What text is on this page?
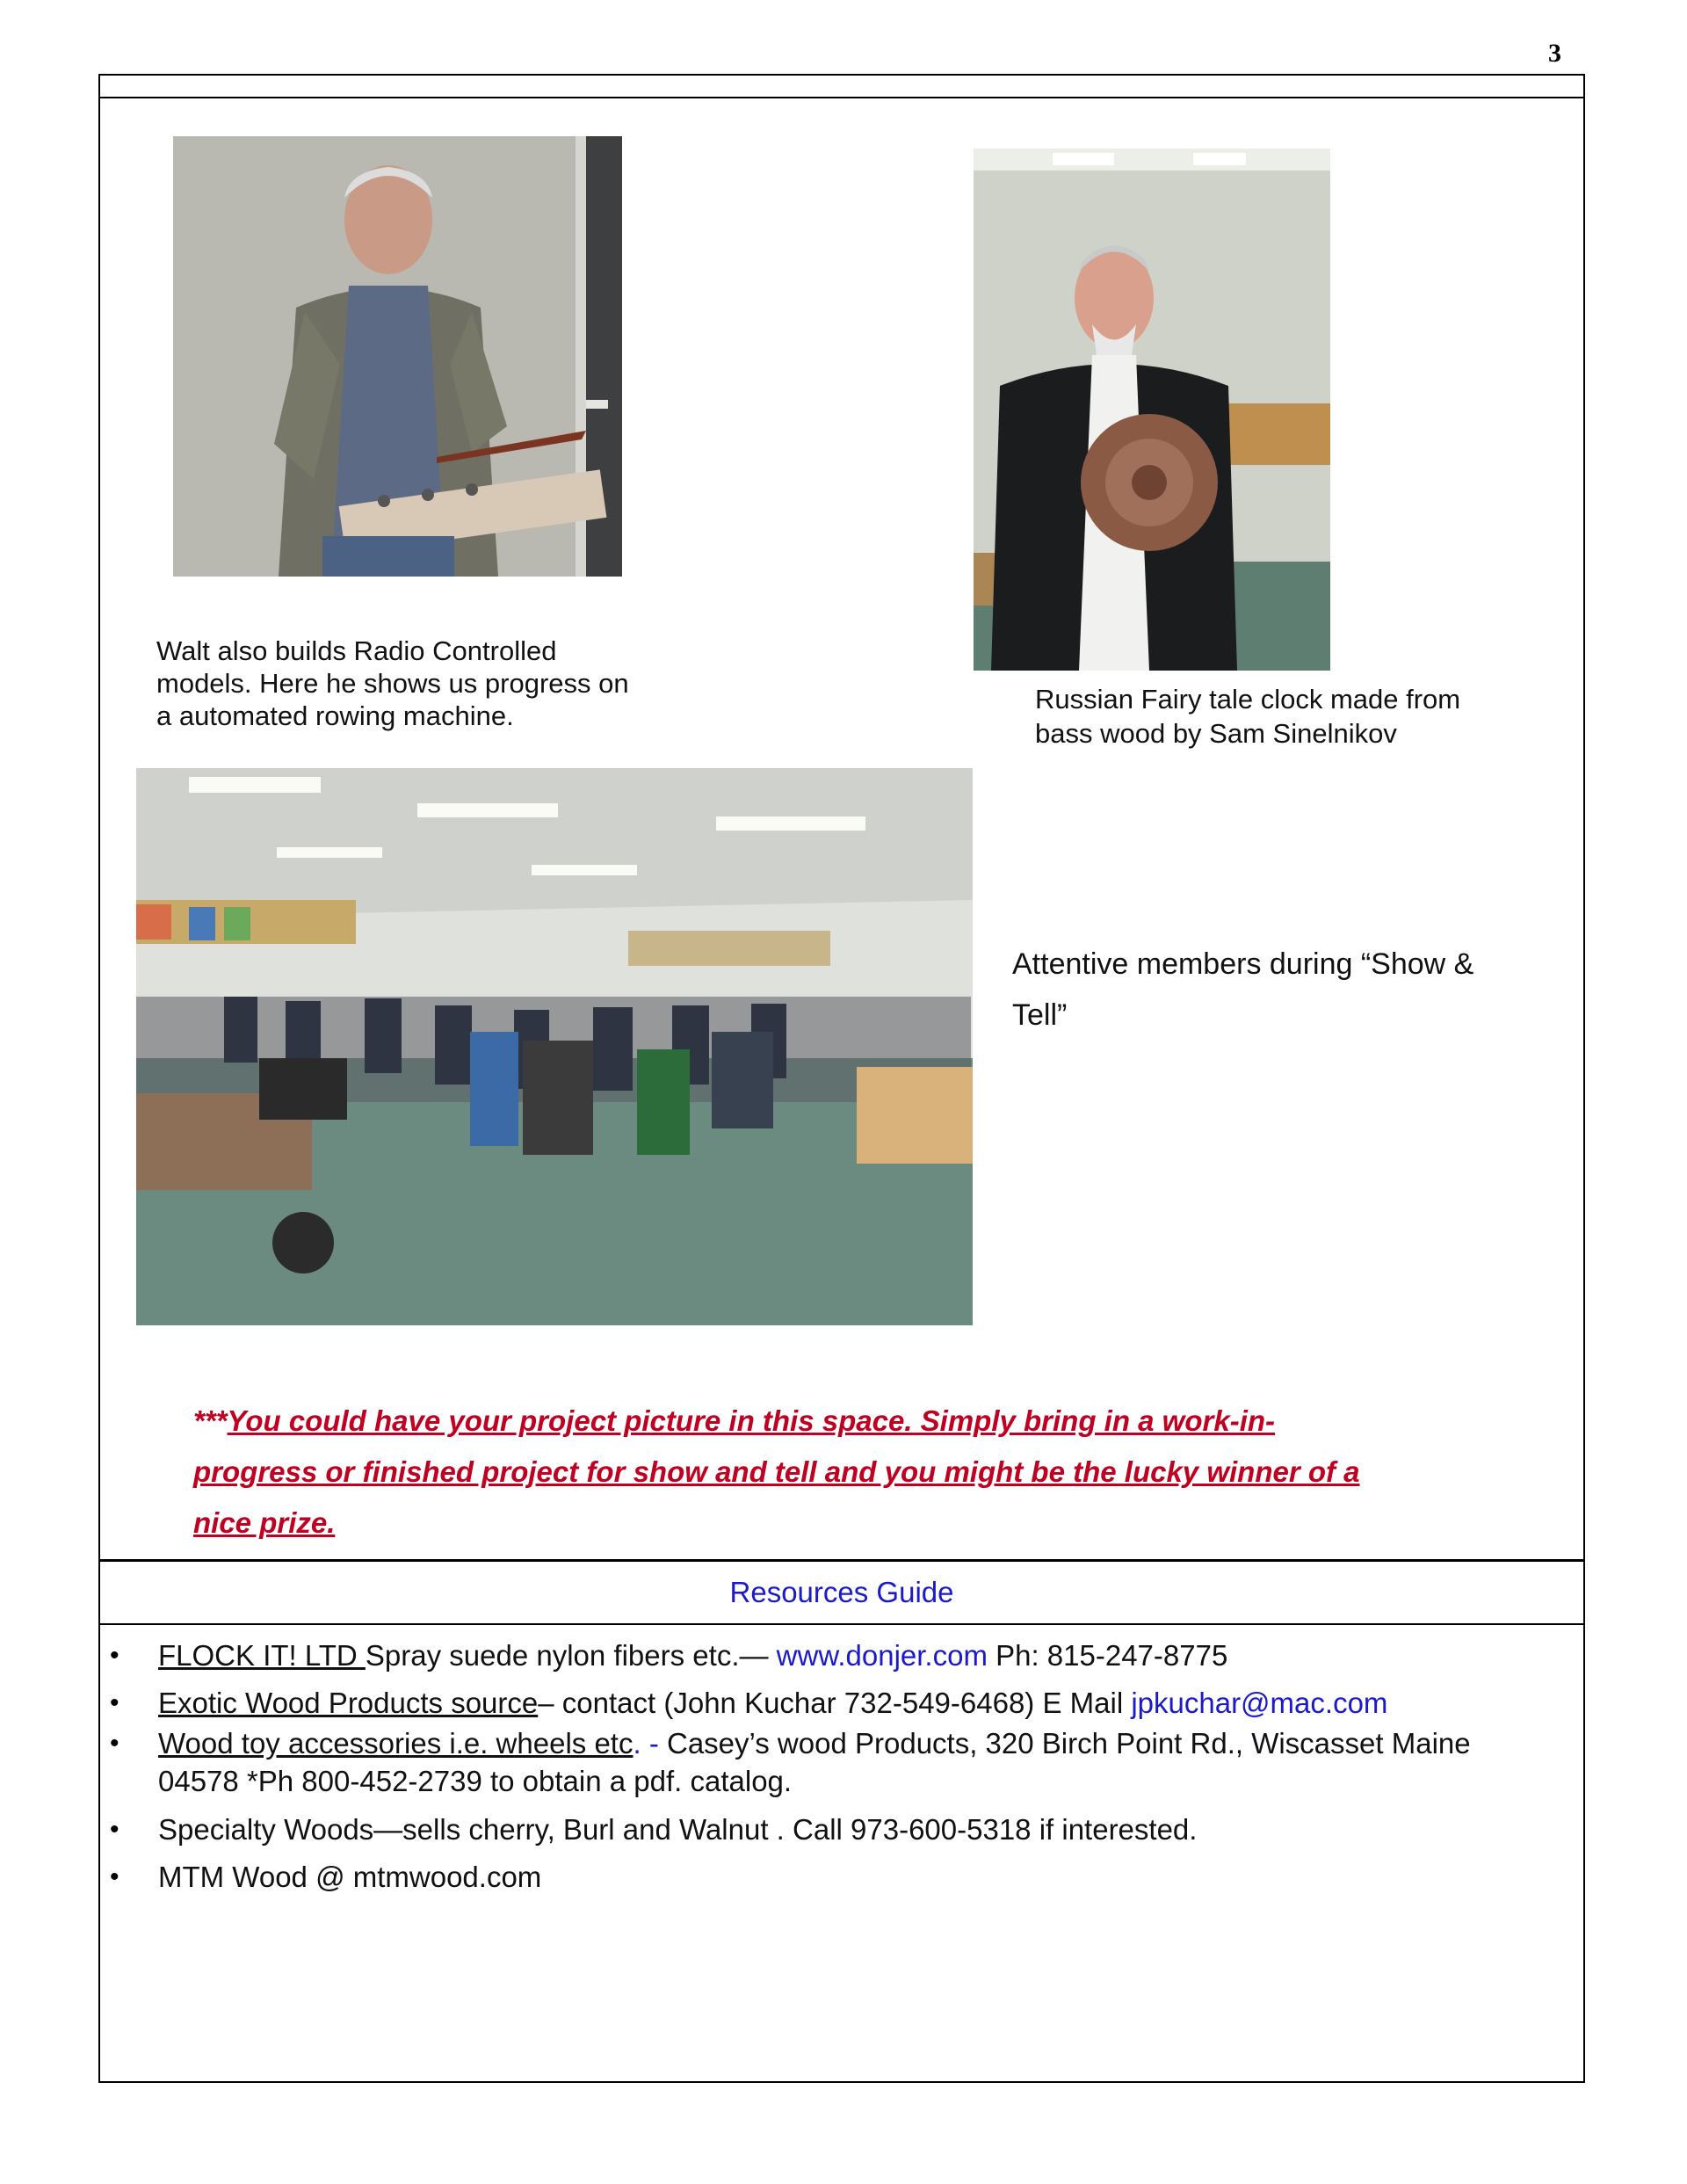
3
Walt also builds Radio Controlled
models. Here he shows us progress on
a automated rowing machine.
Russian Fairy tale clock made from
bass wood by Sam Sinelnikov
Attentive members during “Show &
Tell”
***You could have your project picture in this space. Simply bring in a work-in-
progress or finished project for show and tell and you might be the lucky winner of a
nice prize.
Resources Guide
• FLOCK IT! LTD Spray suede nylon fibers etc.— www.donjer.com Ph: 815-247-8775
• Exotic Wood Products source– contact (John Kuchar 732-549-6468) E Mail jpkuchar@mac.com
• Wood toy accessories i.e. wheels etc. - Casey’s wood Products, 320 Birch Point Rd., Wiscasset Maine
04578 *Ph 800-452-2739 to obtain a pdf. catalog.
• Specialty Woods—sells cherry, Burl and Walnut . Call 973-600-5318 if interested.
• MTM Wood @ mtmwood.com
